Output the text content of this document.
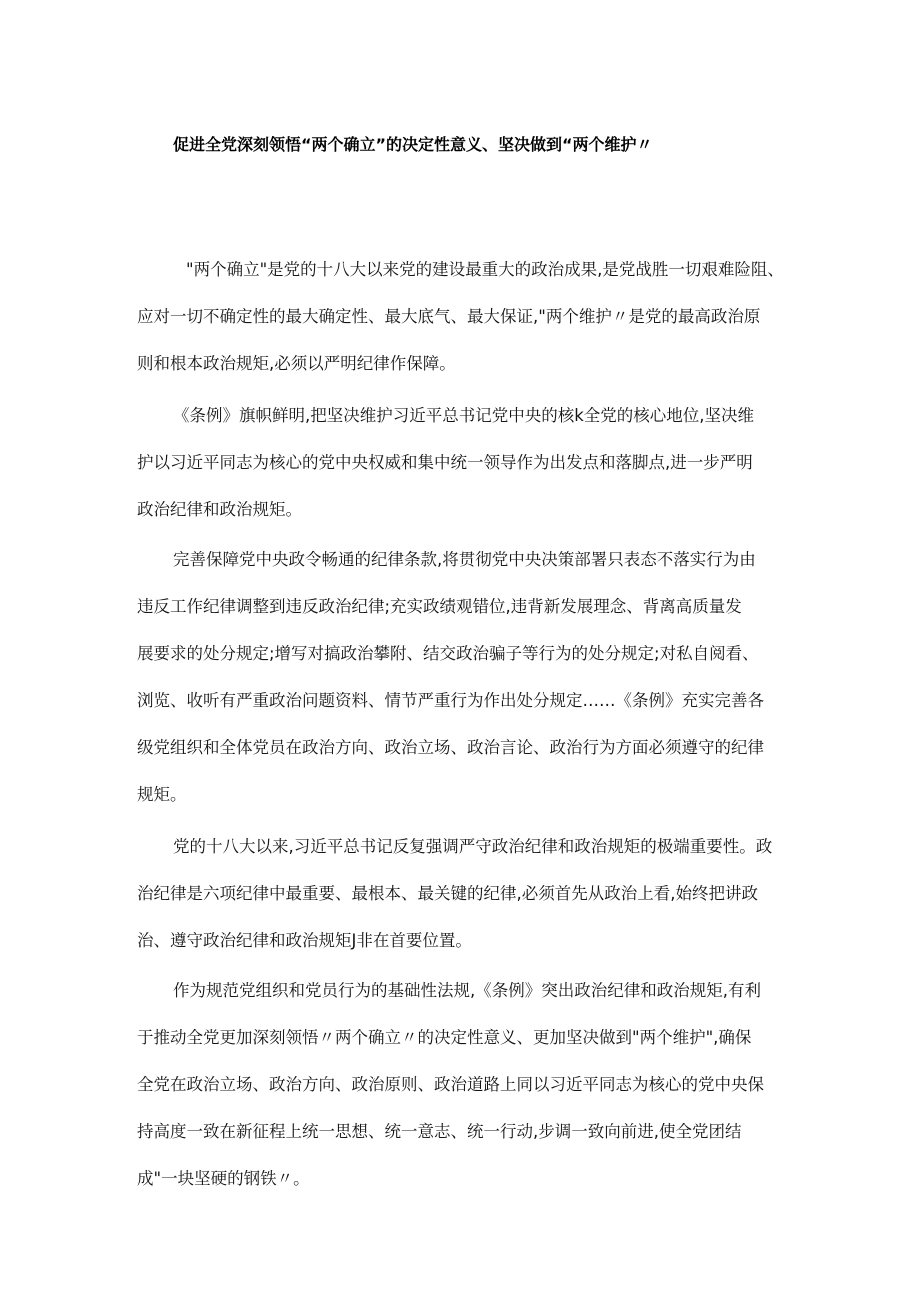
促进全党深刻领悟“两个确立”的决定性意义、坚决做到“两个维护〃
"两个确立"是党的十八大以来党的建设最重大的政治成果,是党战胜一切艰难险阻、
应对一切不确定性的最大确定性、最大底气、最大保证,"两个维护〃是党的最高政治原
则和根本政治规矩,必须以严明纪律作保障。
《条例》旗帜鲜明,把坚决维护习近平总书记党中央的核k全党的核心地位,坚决维
护以习近平同志为核心的党中央权威和集中统一领导作为出发点和落脚点,进一步严明
政治纪律和政治规矩。
完善保障党中央政令畅通的纪律条款,将贯彻党中央决策部署只表态不落实行为由
违反工作纪律调整到违反政治纪律;充实政绩观错位,违背新发展理念、背离高质量发
展要求的处分规定;增写对搞政治攀附、结交政治骗子等行为的处分规定;对私自阅看、
浏览、收听有严重政治问题资料、情节严重行为作出处分规定……《条例》充实完善各
级党组织和全体党员在政治方向、政治立场、政治言论、政治行为方面必须遵守的纪律
规矩。
党的十八大以来,习近平总书记反复强调严守政治纪律和政治规矩的极端重要性。政
治纪律是六项纪律中最重要、最根本、最关键的纪律,必须首先从政治上看,始终把讲政
治、遵守政治纪律和政治规矩J非在首要位置。
作为规范党组织和党员行为的基础性法规,《条例》突出政治纪律和政治规矩,有利
于推动全党更加深刻领悟〃两个确立〃的决定性意义、更加坚决做到"两个维护",确保
全党在政治立场、政治方向、政治原则、政治道路上同以习近平同志为核心的党中央保
持高度一致在新征程上统一思想、统一意志、统一行动,步调一致向前进,使全党团结
成"一块坚硬的钢铁〃。
